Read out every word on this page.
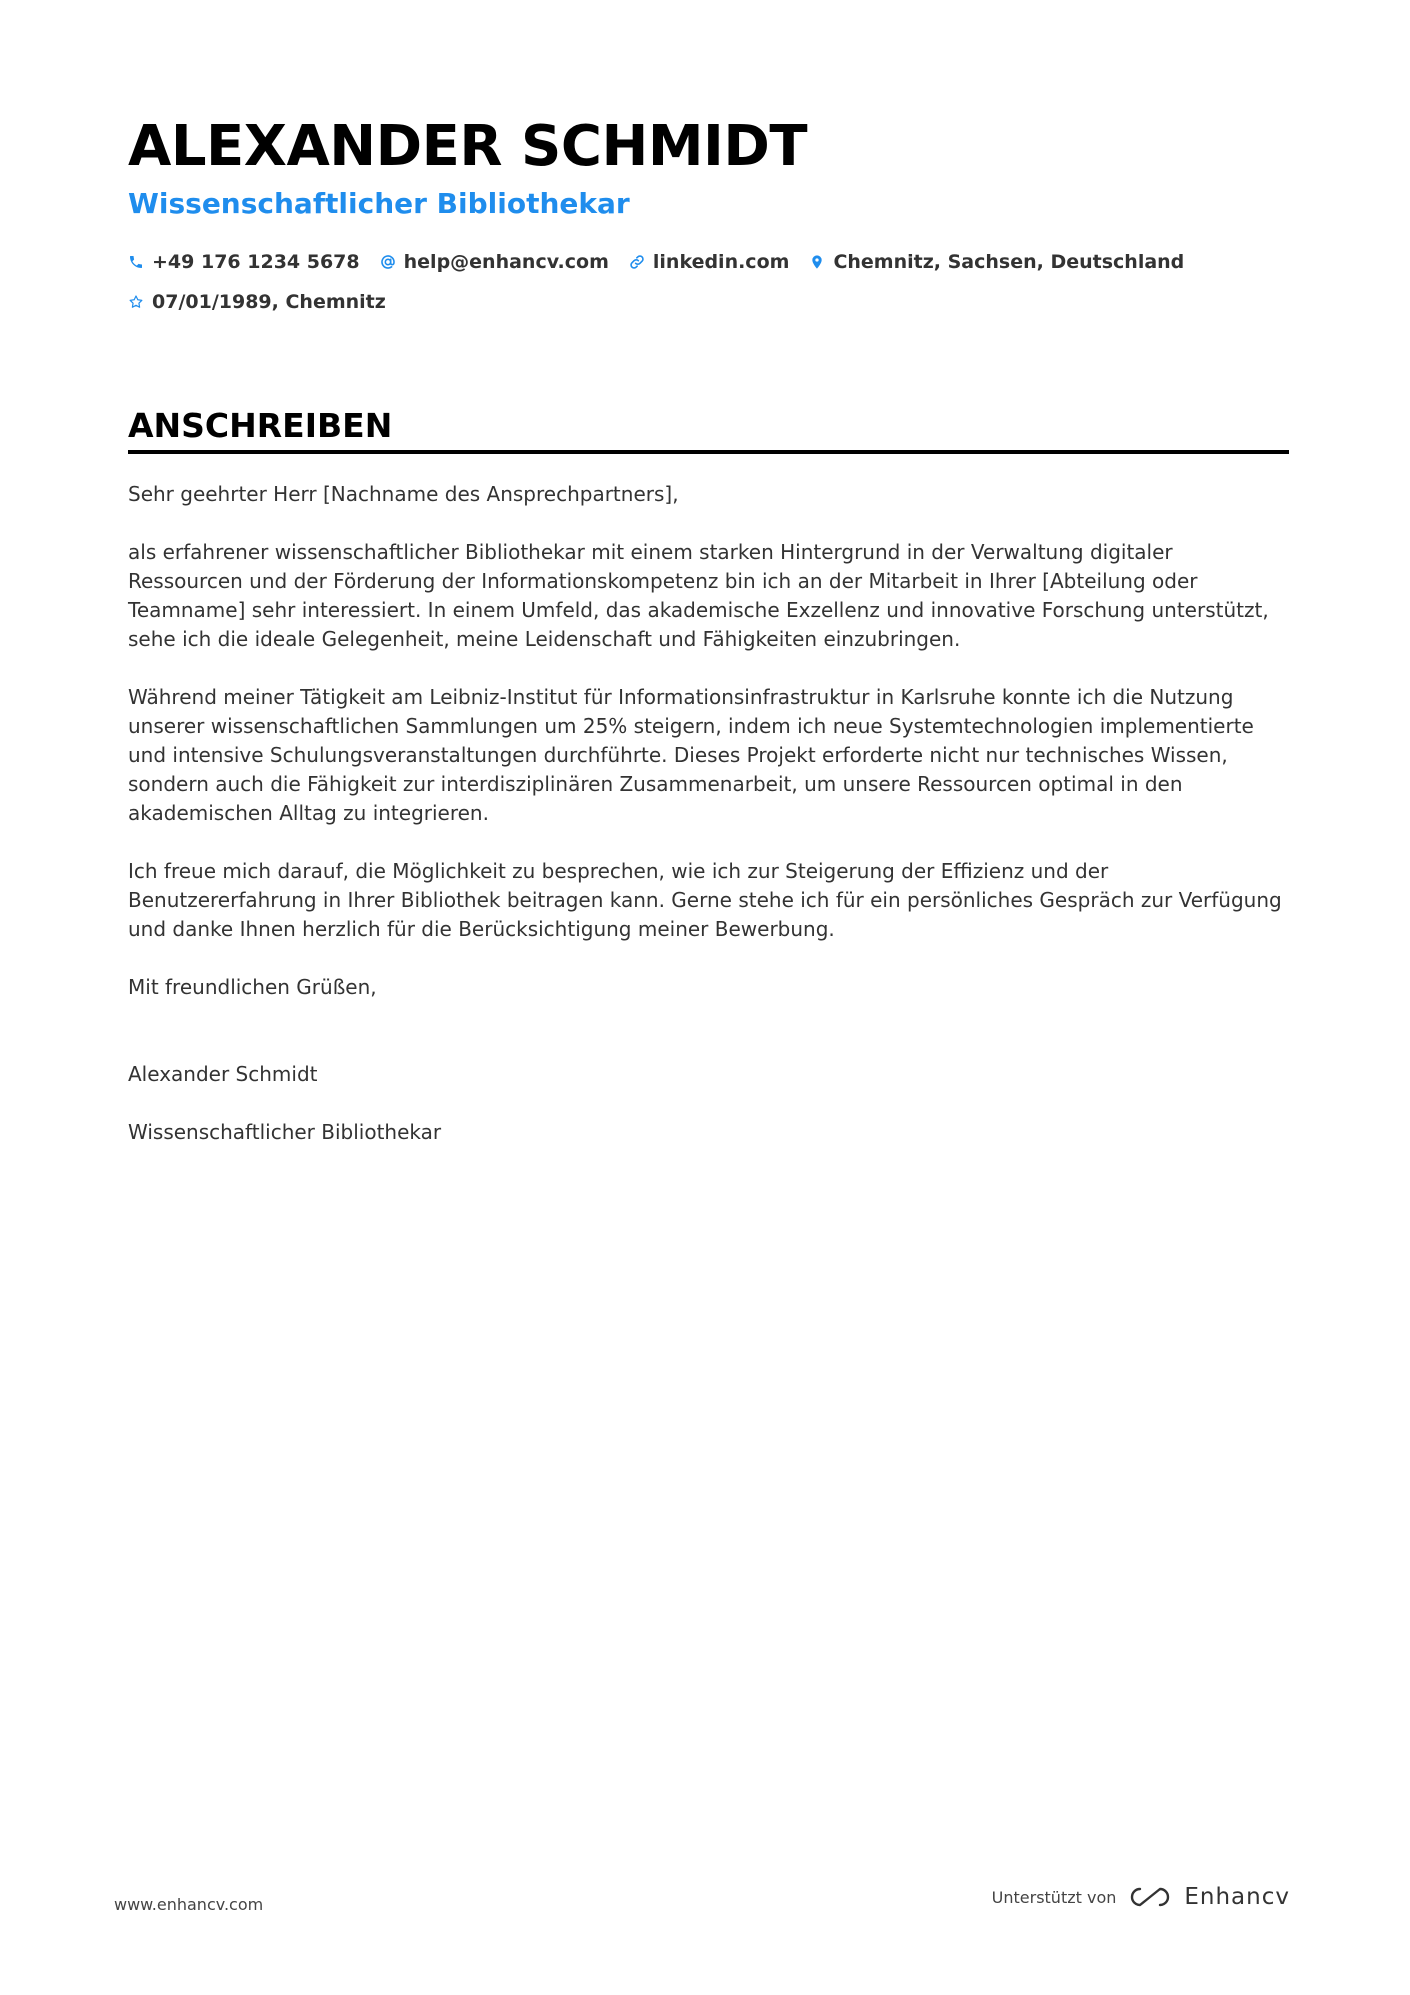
ALEXANDER SCHMIDT
Wissenschaftlicher Bibliothekar
+49 176 1234 5678 help@enhancv.com linkedin.com Chemnitz, Sachsen, Deutschland
07/01/1989, Chemnitz
ANSCHREIBEN

Sehr geehrter Herr [Nachname des Ansprechpartners],

als erfahrener wissenschaftlicher Bibliothekar mit einem starken Hintergrund in der Verwaltung digitaler Ressourcen und der Förderung der Informationskompetenz bin ich an der Mitarbeit in Ihrer [Abteilung oder Teamname] sehr interessiert. In einem Umfeld, das akademische Exzellenz und innovative Forschung unterstützt, sehe ich die ideale Gelegenheit, meine Leidenschaft und Fähigkeiten einzubringen.

Während meiner Tätigkeit am Leibniz-Institut für Informationsinfrastruktur in Karlsruhe konnte ich die Nutzung unserer wissenschaftlichen Sammlungen um 25% steigern, indem ich neue Systemtechnologien implementierte und intensive Schulungsveranstaltungen durchführte. Dieses Projekt erforderte nicht nur technisches Wissen, sondern auch die Fähigkeit zur interdisziplinären Zusammenarbeit, um unsere Ressourcen optimal in den akademischen Alltag zu integrieren.

Ich freue mich darauf, die Möglichkeit zu besprechen, wie ich zur Steigerung der Effizienz und der Benutzererfahrung in Ihrer Bibliothek beitragen kann. Gerne stehe ich für ein persönliches Gespräch zur Verfügung und danke Ihnen herzlich für die Berücksichtigung meiner Bewerbung.

Mit freundlichen Grüßen,

Alexander Schmidt

Wissenschaftlicher Bibliothekar

www.enhancv.com	Unterstützt von	Enhancv
